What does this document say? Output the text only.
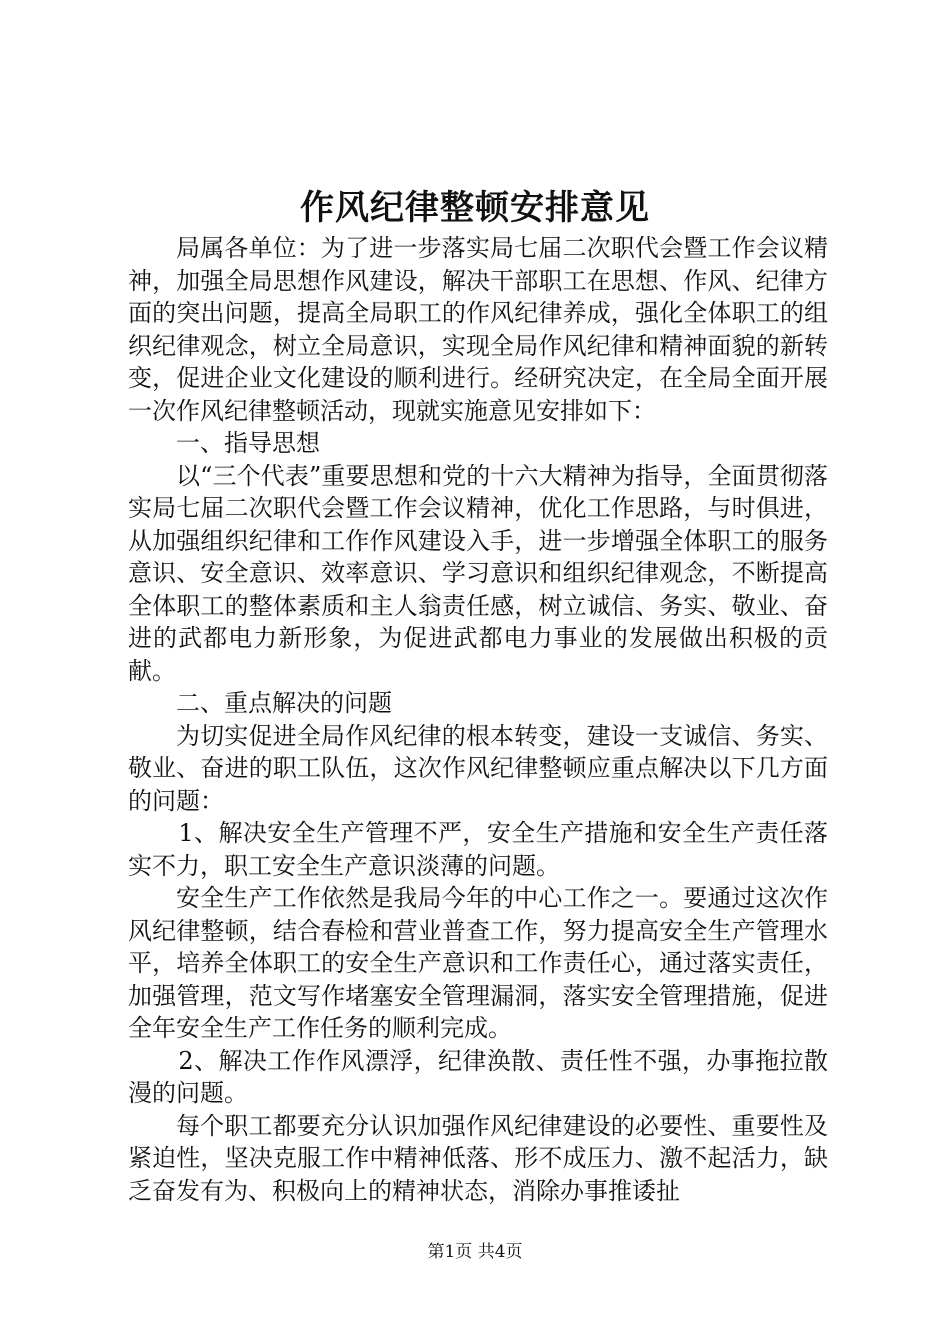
作风纪律整顿安排意见

局属各单位：为了进一步落实局七届二次职代会暨工作会议精神，加强全局思想作风建设，解决干部职工在思想、作风、纪律方面的突出问题，提高全局职工的作风纪律养成，强化全体职工的组织纪律观念，树立全局意识，实现全局作风纪律和精神面貌的新转变，促进企业文化建设的顺利进行。经研究决定，在全局全面开展一次作风纪律整顿活动，现就实施意见安排如下：

一、指导思想

以“三个代表”重要思想和党的十六大精神为指导，全面贯彻落实局七届二次职代会暨工作会议精神，优化工作思路，与时俱进，从加强组织纪律和工作作风建设入手，进一步增强全体职工的服务意识、安全意识、效率意识、学习意识和组织纪律观念，不断提高全体职工的整体素质和主人翁责任感，树立诚信、务实、敬业、奋进的武都电力新形象，为促进武都电力事业的发展做出积极的贡献。

二、重点解决的问题

为切实促进全局作风纪律的根本转变，建设一支诚信、务实、敬业、奋进的职工队伍，这次作风纪律整顿应重点解决以下几方面的问题：

1、解决安全生产管理不严，安全生产措施和安全生产责任落实不力，职工安全生产意识淡薄的问题。

安全生产工作依然是我局今年的中心工作之一。要通过这次作风纪律整顿，结合春检和营业普查工作，努力提高安全生产管理水平，培养全体职工的安全生产意识和工作责任心，通过落实责任，加强管理，范文写作堵塞安全管理漏洞，落实安全管理措施，促进全年安全生产工作任务的顺利完成。

2、解决工作作风漂浮，纪律涣散、责任性不强，办事拖拉散漫的问题。

每个职工都要充分认识加强作风纪律建设的必要性、重要性及紧迫性，坚决克服工作中精神低落、形不成压力、激不起活力，缺乏奋发有为、积极向上的精神状态，消除办事推诿扯

第1页 共4页
